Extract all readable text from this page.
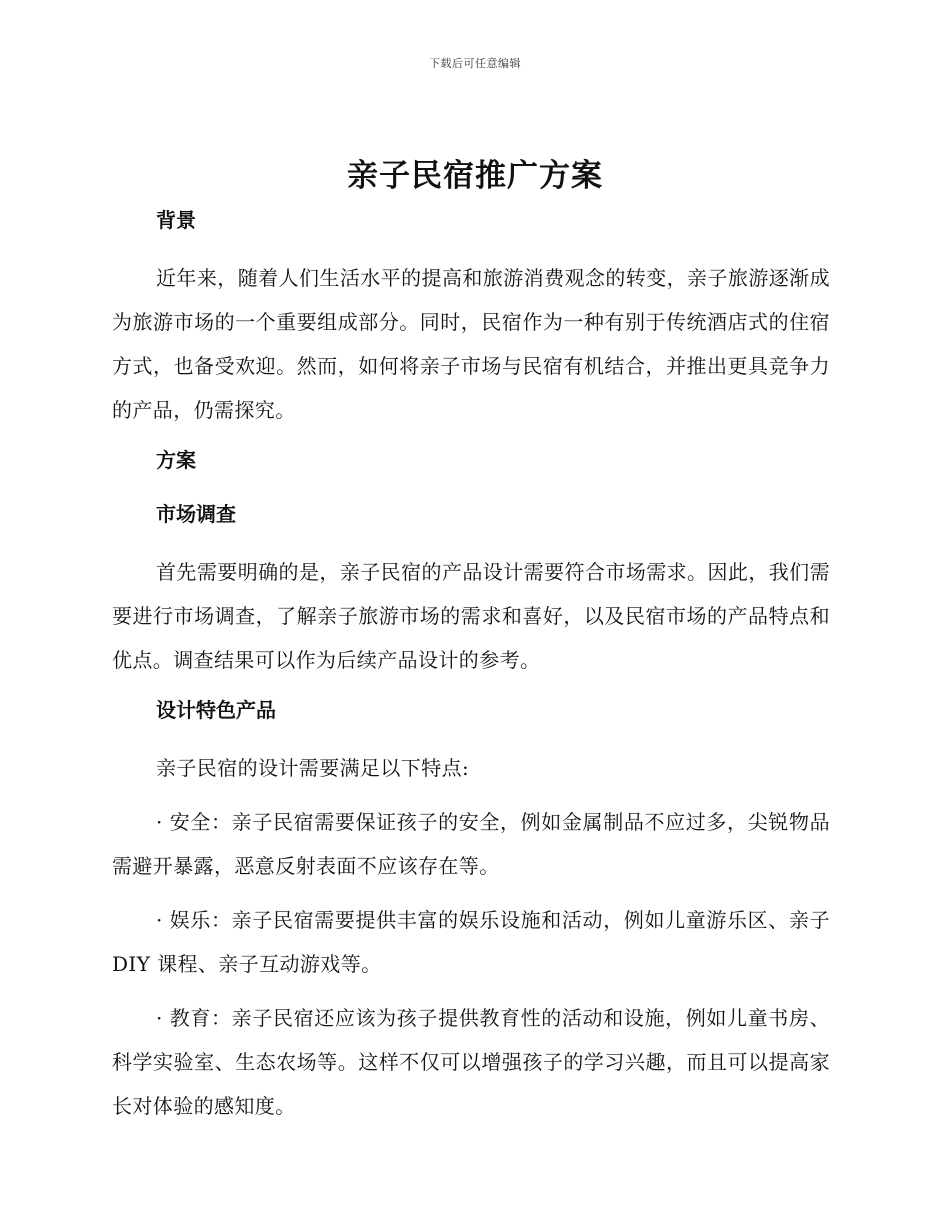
下载后可任意编辑
亲子民宿推广方案
背景

近年来，随着人们生活水平的提高和旅游消费观念的转变，亲子旅游逐渐成为旅游市场的一个重要组成部分。同时，民宿作为一种有别于传统酒店式的住宿方式，也备受欢迎。然而，如何将亲子市场与民宿有机结合，并推出更具竞争力的产品，仍需探究。

方案
市场调查

首先需要明确的是，亲子民宿的产品设计需要符合市场需求。因此，我们需要进行市场调查，了解亲子旅游市场的需求和喜好，以及民宿市场的产品特点和优点。调查结果可以作为后续产品设计的参考。

设计特色产品

亲子民宿的设计需要满足以下特点:

· 安全：亲子民宿需要保证孩子的安全，例如金属制品不应过多，尖锐物品需避开暴露，恶意反射表面不应该存在等。

· 娱乐：亲子民宿需要提供丰富的娱乐设施和活动，例如儿童游乐区、亲子 DIY 课程、亲子互动游戏等。

· 教育：亲子民宿还应该为孩子提供教育性的活动和设施，例如儿童书房、科学实验室、生态农场等。这样不仅可以增强孩子的学习兴趣，而且可以提高家长对体验的感知度。
